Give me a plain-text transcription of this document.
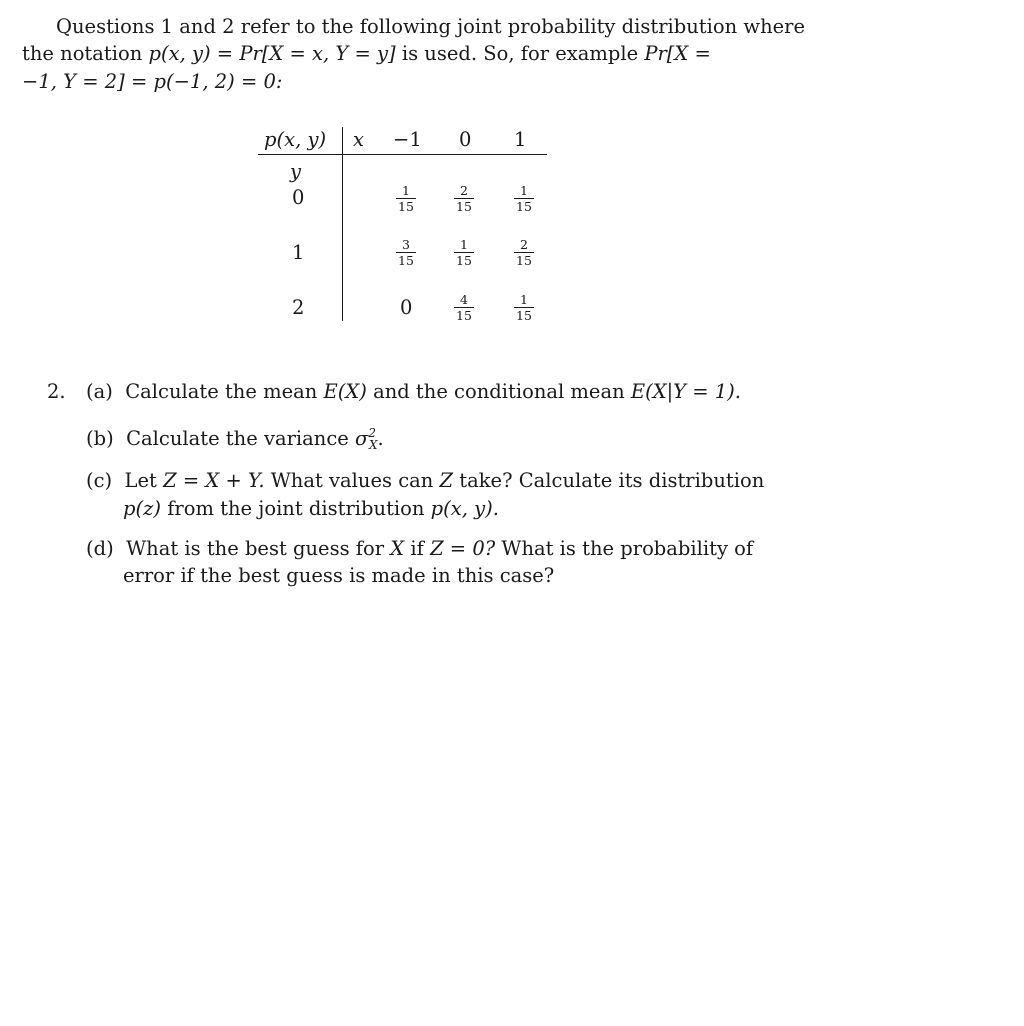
Questions 1 and 2 refer to the following joint probability distribution where
the notation p(x, y) = Pr[X = x, Y = y] is used. So, for example Pr[X =
−1, Y = 2] = p(−1, 2) = 0:
p(x, y) x −1 0 1
y
0
1
2
1
15
2
15
1
15
3
15
1
15
2
15
0	4
15
1
15
2. (a) Calculate the mean E(X) and the conditional mean E(X|Y = 1).
(b) Calculate the variance $\sigma^2_X$.
(c) Let Z = X + Y. What values can Z take? Calculate its distribution
p(z) from the joint distribution p(x, y).
(d) What is the best guess for X if Z = 0? What is the probability of
error if the best guess is made in this case?
